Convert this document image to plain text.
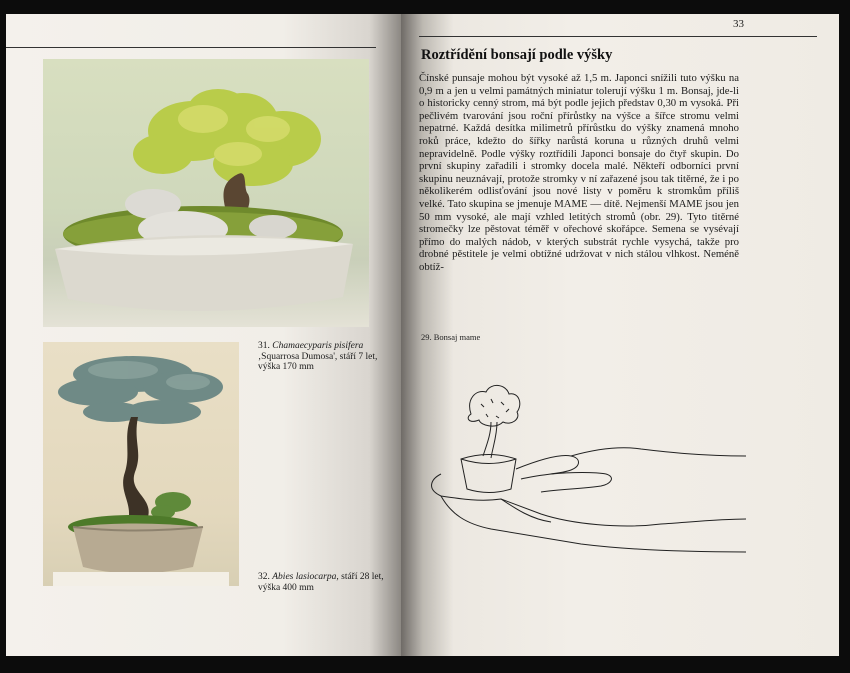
31. Chamaecyparis pisifera
‚Squarrosa Dumosa', stáří 7 let, výška 170 mm
32. Abies lasiocarpa, stáří 28 let, výška 400 mm
33
Roztřídění bonsají podle výšky
Čínské punsaje mohou být vysoké až 1,5 m. Japonci snížili tuto výšku na 0,9 m a jen u velmi památných miniatur tolerují výšku 1 m. Bonsaj, jde-li o historicky cenný strom, má být podle jejich představ 0,30 m vysoká. Při pečlivém tvarování jsou roční přírůstky na výšce a šířce stromu velmi nepatrné. Každá desítka milimetrů přírůstku do výšky znamená mnoho roků práce, kdežto do šířky narůstá koruna u různých druhů velmi nepravidelně. Podle výšky roztřídili Japonci bonsaje do čtyř skupin. Do první skupiny zařadili i stromky docela malé. Někteří odborníci první skupinu neuznávají, protože stromky v ní zařazené jsou tak titěrné, že i po několikerém odlisťování jsou nové listy v poměru k stromkům příliš velké. Tato skupina se jmenuje MAME — dítě. Nejmenší MAME jsou jen 50 mm vysoké, ale mají vzhled letitých stromů (obr. 29). Tyto titěrné stromečky lze pěstovat téměř v ořechové skořápce. Semena se vysévají přímo do malých nádob, v kterých substrát rychle vysychá, takže pro drobné pěstitele je velmi obtížné udržovat v nich stálou vlhkost. Neméně obtíž-
29. Bonsaj mame
